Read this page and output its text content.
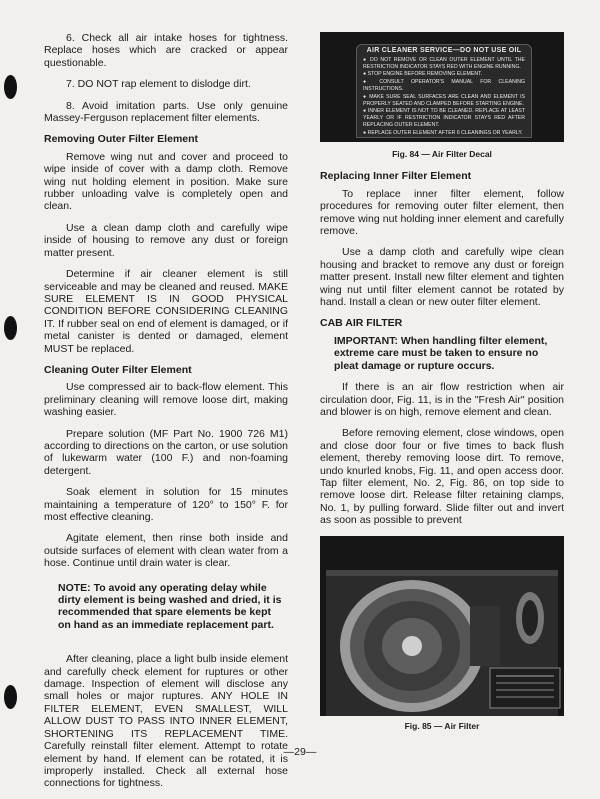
6. Check all air intake hoses for tightness. Replace hoses which are cracked or appear questionable.

7. DO NOT rap element to dislodge dirt.

8. Avoid imitation parts. Use only genuine Massey-Ferguson replacement filter elements.

Removing Outer Filter Element

Remove wing nut and cover and proceed to wipe inside of cover with a damp cloth. Remove wing nut holding element in position. Make sure rubber unloading valve is completely open and clean.

Use a clean damp cloth and carefully wipe inside of housing to remove any dust or foreign matter present.

Determine if air cleaner element is still serviceable and may be cleaned and reused. MAKE SURE ELEMENT IS IN GOOD PHYSICAL CONDITION BEFORE CONSIDERING CLEANING IT. If rubber seal on end of element is damaged, or if metal canister is dented or damaged, element MUST be replaced.

Cleaning Outer Filter Element

Use compressed air to back-flow element. This preliminary cleaning will remove loose dirt, making washing easier.

Prepare solution (MF Part No. 1900 726 M1) according to directions on the carton, or use solution of lukewarm water (100 F.) and non-foaming detergent.

Soak element in solution for 15 minutes maintaining a temperature of 120° to 150° F. for most effective cleaning.

Agitate element, then rinse both inside and outside surfaces of element with clean water from a hose. Continue until drain water is clear.

NOTE: To avoid any operating delay while dirty element is being washed and dried, it is recommended that spare elements be kept on hand as an immediate replacement part.

After cleaning, place a light bulb inside element and carefully check element for ruptures or other damage. Inspection of element will disclose any small holes or major ruptures. ANY HOLE IN FILTER ELEMENT, EVEN SMALLEST, WILL ALLOW DUST TO PASS INTO INNER ELEMENT, SHORTENING ITS REPLACEMENT TIME. Carefully reinstall filter element. Attempt to rotate element by hand. If element can be rotated, it is improperly installed. Check all external hose connections for tightness.

AIR CLEANER SERVICE—DO NOT USE OIL
● DO NOT REMOVE OR CLEAN OUTER ELEMENT UNTIL THE RESTRICTION INDICATOR STAYS RED WITH ENGINE RUNNING.
● STOP ENGINE BEFORE REMOVING ELEMENT.
● CONSULT OPERATOR'S MANUAL FOR CLEANING INSTRUCTIONS.
● MAKE SURE SEAL SURFACES ARE CLEAN AND ELEMENT IS PROPERLY SEATED AND CLAMPED BEFORE STARTING ENGINE.
● INNER ELEMENT IS NOT TO BE CLEANED. REPLACE AT LEAST YEARLY OR IF RESTRICTION INDICATOR STAYS RED AFTER REPLACING OUTER ELEMENT.
● REPLACE OUTER ELEMENT AFTER 6 CLEANINGS OR YEARLY.
Fig. 84 — Air Filter Decal
Replacing Inner Filter Element

To replace inner filter element, follow procedures for removing outer filter element, then remove wing nut holding inner element and carefully remove.

Use a damp cloth and carefully wipe clean housing and bracket to remove any dust or foreign matter present. Install new filter element and tighten wing nut until filter element cannot be rotated by hand. Install a clean or new outer filter element.

CAB AIR FILTER
IMPORTANT: When handling filter element, extreme care must be taken to ensure no pleat damage or rupture occurs.

If there is an air flow restriction when air circulation door, Fig. 11, is in the "Fresh Air" position and blower is on high, remove element and clean.

Before removing element, close windows, open and close door four or five times to back flush element, thereby removing loose dirt. To remove, undo knurled knobs, Fig. 11, and open access door. Tap filter element, No. 2, Fig. 86, on top side to remove loose dirt. Release filter retaining clamps, No. 1, by pulling forward. Slide filter out and invert as soon as possible to prevent

Fig. 85 — Air Filter
—29—
